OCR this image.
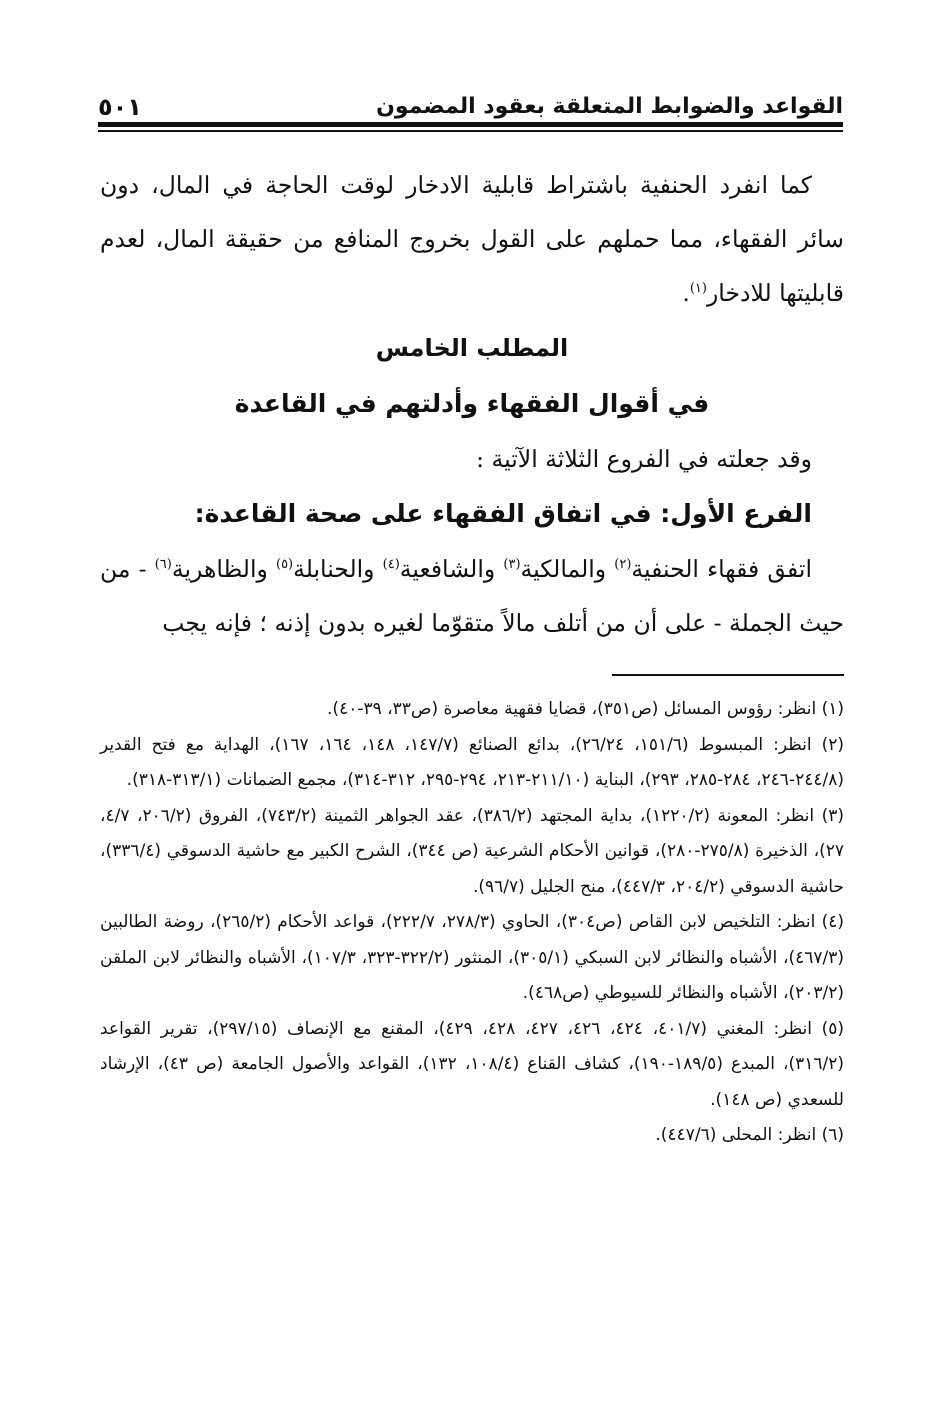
القواعد والضوابط المتعلقة بعقود المضمون
٥٠١

كما انفرد الحنفية باشتراط قابلية الادخار لوقت الحاجة في المال، دون سائر الفقهاء، مما حملهم على القول بخروج المنافع من حقيقة المال، لعدم قابليتها للادخار$^{(١)}$.

المطلب الخامس

في أقوال الفقهاء وأدلتهم في القاعدة

وقد جعلته في الفروع الثلاثة الآتية :

الفرع الأول: في اتفاق الفقهاء على صحة القاعدة:

اتفق فقهاء الحنفية$^{(٢)}$ والمالكية$^{(٣)}$ والشافعية$^{(٤)}$ والحنابلة$^{(٥)}$ والظاهرية$^{(٦)}$ - من حيث الجملة - على أن من أتلف مالاً متقوّما لغيره بدون إذنه ؛ فإنه يجب

(١) انظر: رؤوس المسائل (ص٣٥١)، قضايا فقهية معاصرة (ص٣٣، ٣٩-٤٠).

(٢) انظر: المبسوط (١٥١/٦، ٢٦/٢٤)، بدائع الصنائع (١٤٧/٧، ١٤٨، ١٦٤، ١٦٧)، الهداية مع فتح القدير (٢٤٤/٨-٢٤٦، ٢٨٤-٢٨٥، ٢٩٣)، البناية (٢١١/١٠-٢١٣، ٢٩٤-٢٩٥، ٣١٢-٣١٤)، مجمع الضمانات (٣١٣/١-٣١٨).

(٣) انظر: المعونة (١٢٢٠/٢)، بداية المجتهد (٣٨٦/٢)، عقد الجواهر الثمينة (٧٤٣/٢)، الفروق (٢٠٦/٢، ٤/٧، ٢٧)، الذخيرة (٢٧٥/٨-٢٨٠)، قوانين الأحكام الشرعية (ص ٣٤٤)، الشرح الكبير مع حاشية الدسوقي (٣٣٦/٤)، حاشية الدسوقي (٢٠٤/٢، ٤٤٧/٣)، منح الجليل (٩٦/٧).

(٤) انظر: التلخيص لابن القاص (ص٣٠٤)، الحاوي (٢٧٨/٣، ٢٢٢/٧)، قواعد الأحكام (٢٦٥/٢)، روضة الطالبين (٤٦٧/٣)، الأشباه والنظائر لابن السبكي (٣٠٥/١)، المنثور (٣٢٢/٢-٣٢٣، ١٠٧/٣)، الأشباه والنظائر لابن الملقن (٢٠٣/٢)، الأشباه والنظائر للسيوطي (ص٤٦٨).

(٥) انظر: المغني (٤٠١/٧، ٤٢٤، ٤٢٦، ٤٢٧، ٤٢٨، ٤٢٩)، المقنع مع الإنصاف (٢٩٧/١٥)، تقرير القواعد (٣١٦/٢)، المبدع (١٨٩/٥-١٩٠)، كشاف القناع (١٠٨/٤، ١٣٢)، القواعد والأصول الجامعة (ص ٤٣)، الإرشاد للسعدي (ص ١٤٨).

(٦) انظر: المحلى (٤٤٧/٦).
